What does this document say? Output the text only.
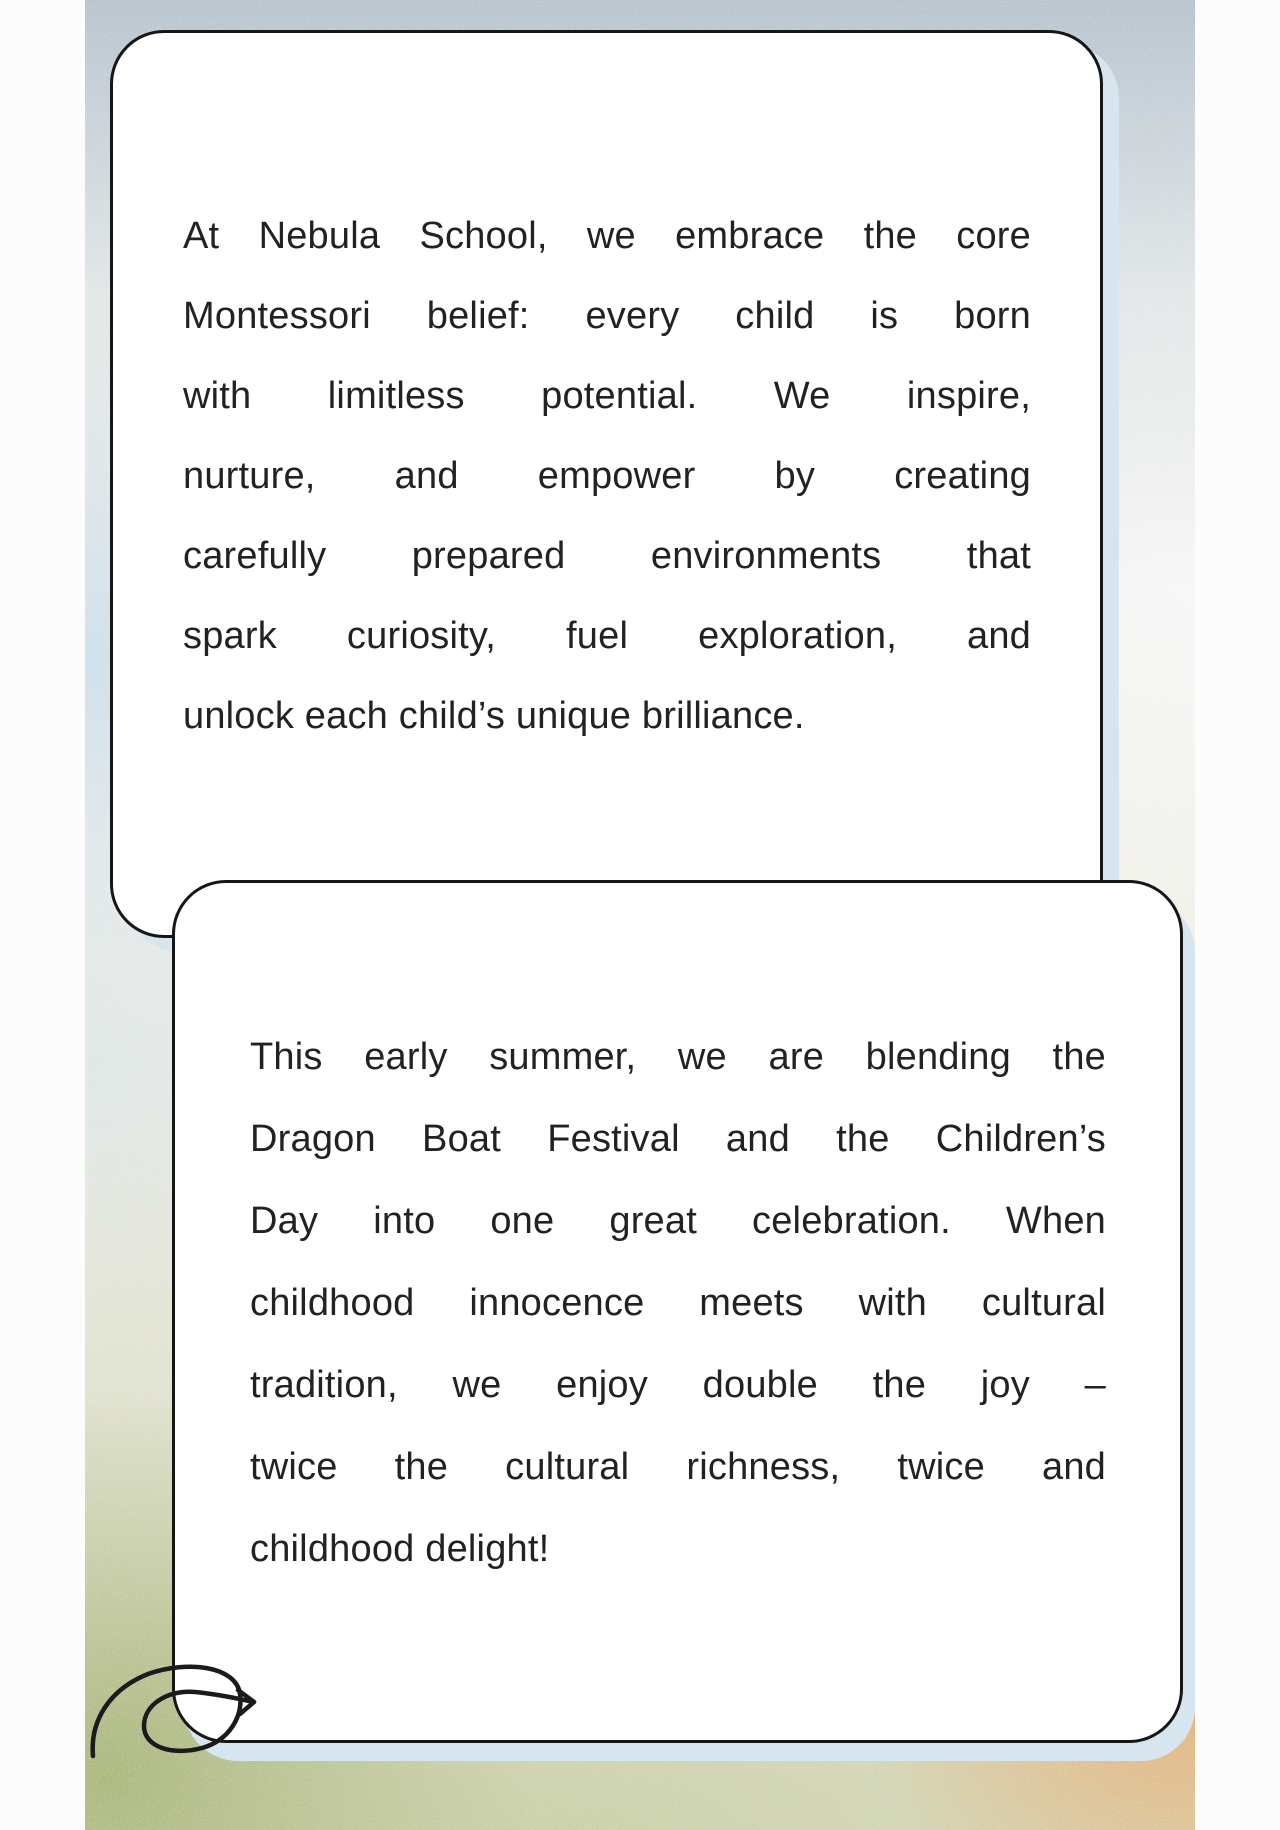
At Nebula School, we embrace the core
Montessori belief: every child is born
with limitless potential. We inspire,
nurture, and empower by creating
carefully prepared environments that
spark curiosity, fuel exploration, and
unlock each child’s unique brilliance.
This early summer, we are blending the
Dragon Boat Festival and the Children’s
Day into one great celebration. When
childhood innocence meets with cultural
tradition, we enjoy double the joy –
twice the cultural richness, twice and
childhood delight!
